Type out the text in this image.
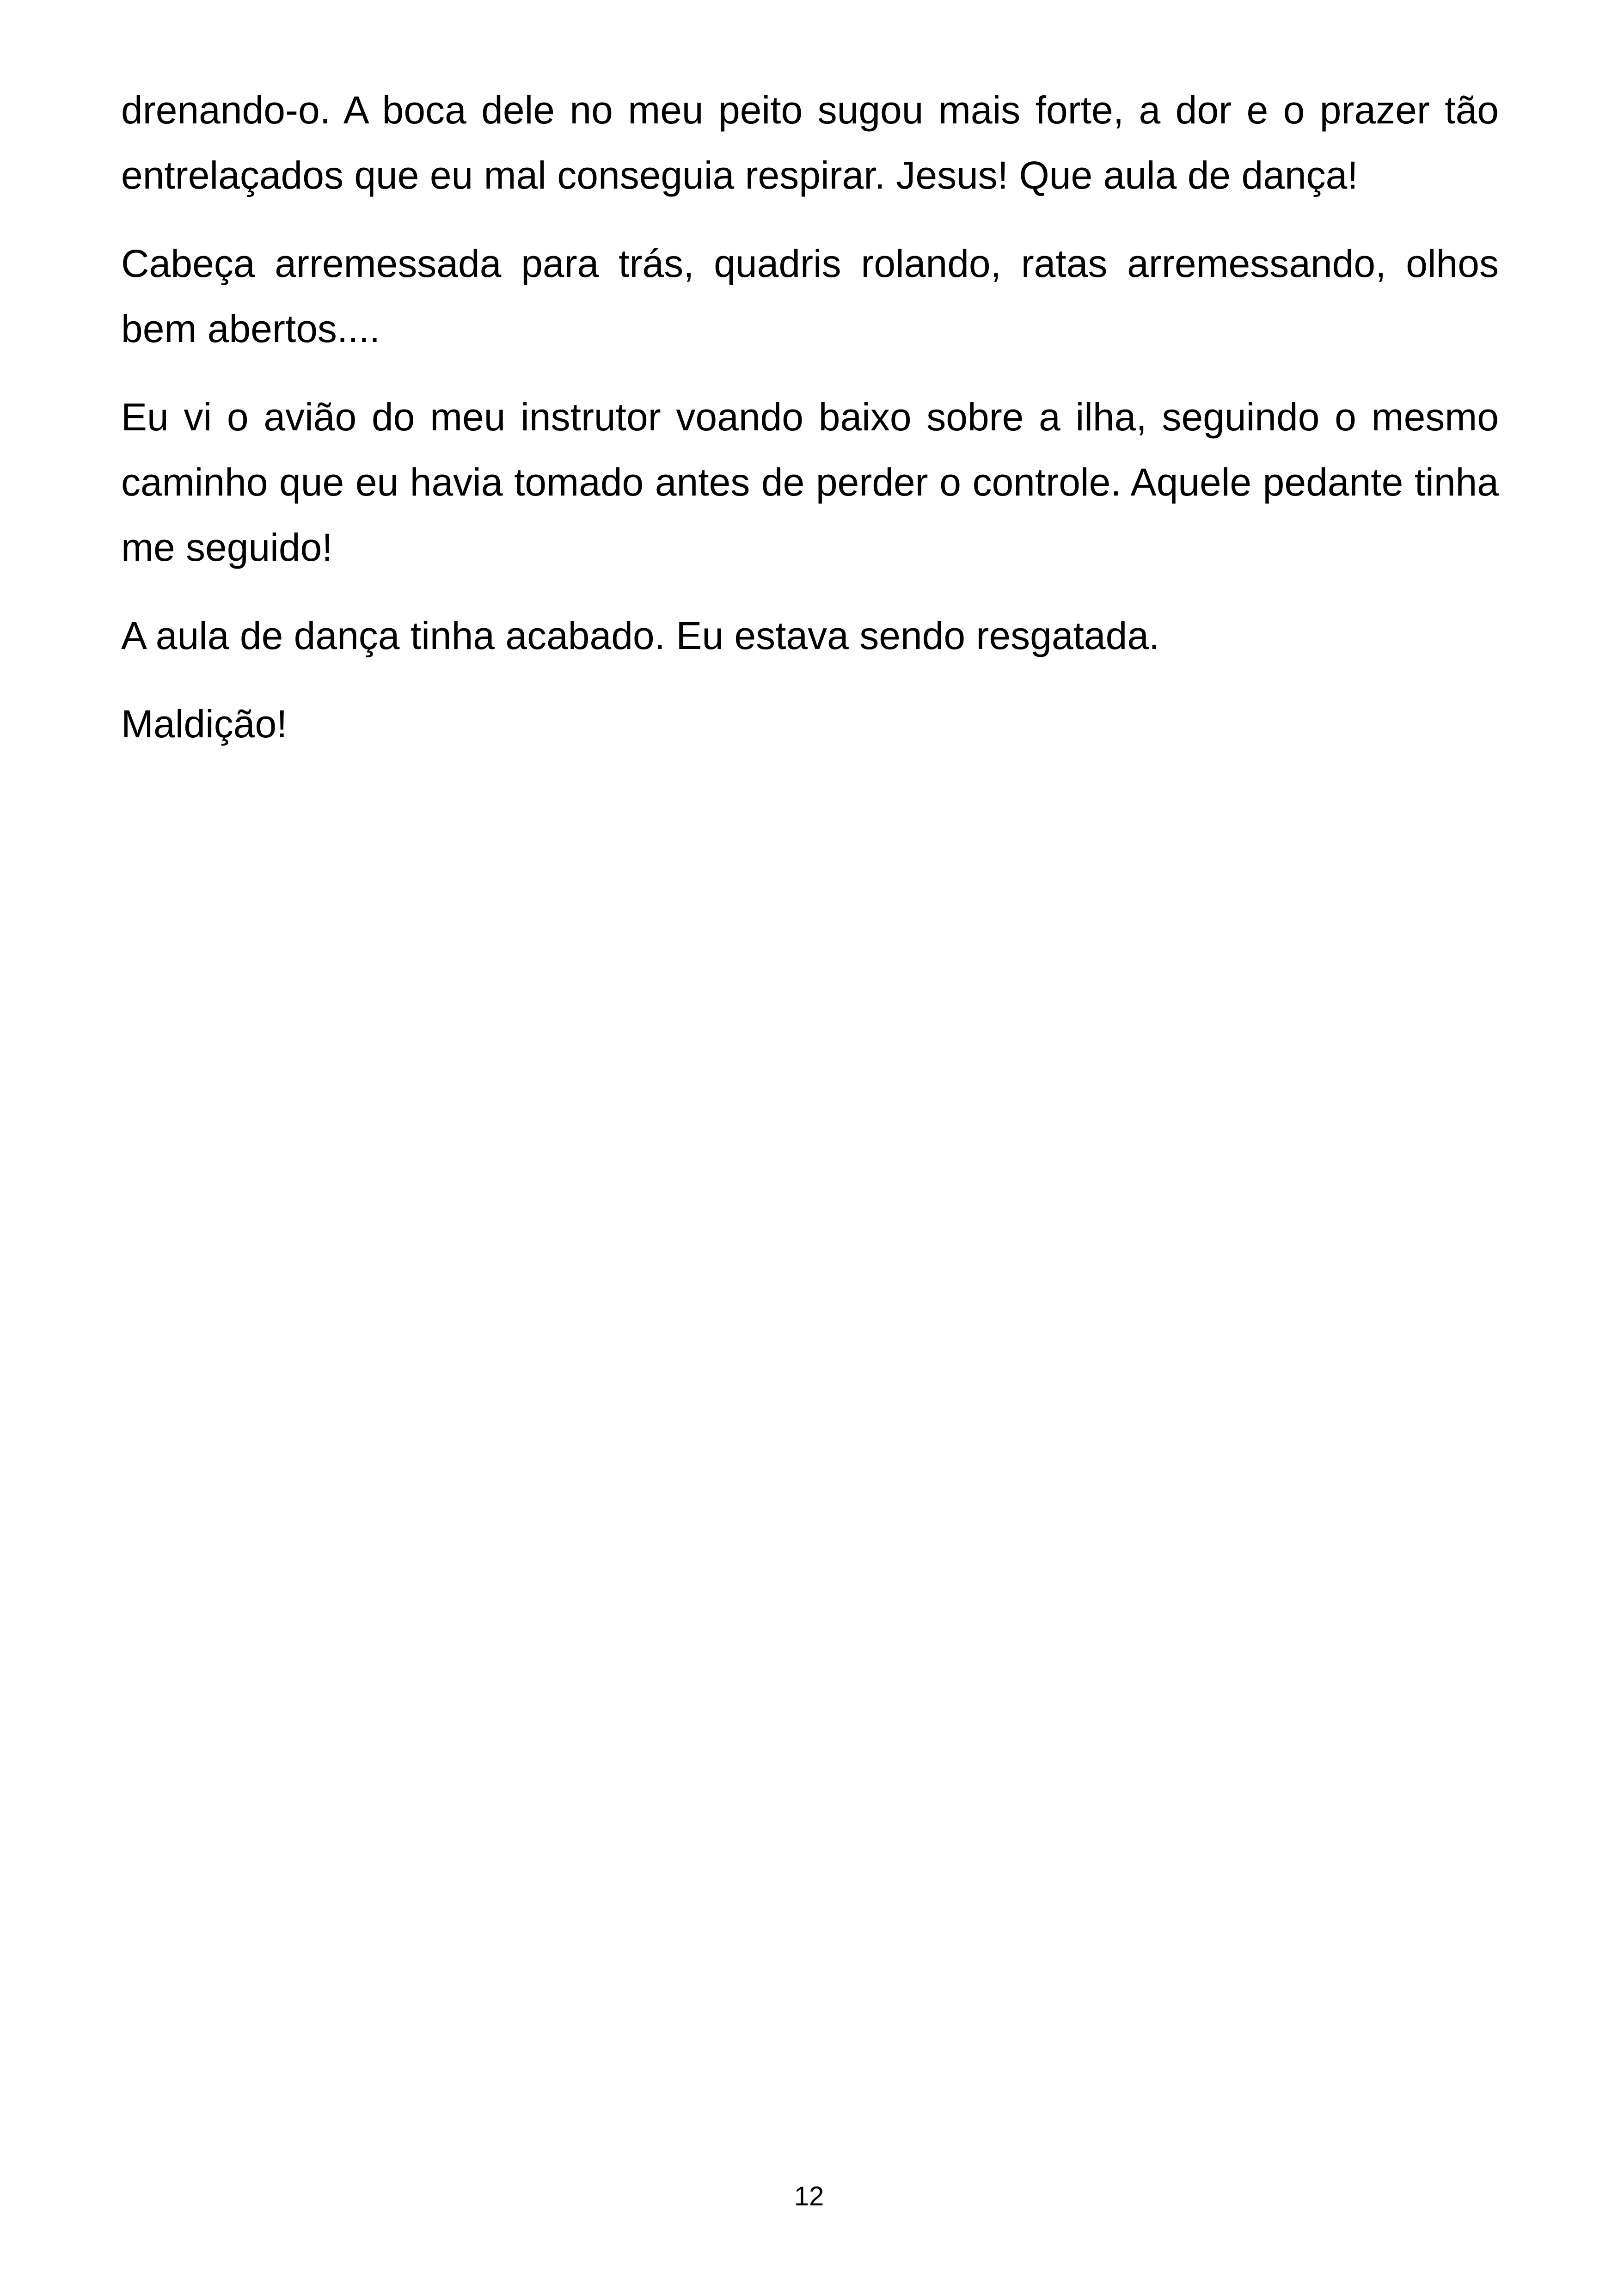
drenando-o. A boca dele no meu peito sugou mais forte, a dor e o prazer tão entrelaçados que eu mal conseguia respirar. Jesus! Que aula de dança!

Cabeça arremessada para trás, quadris rolando, ratas arremessando, olhos bem abertos....

Eu vi o avião do meu instrutor voando baixo sobre a ilha, seguindo o mesmo caminho que eu havia tomado antes de perder o controle. Aquele pedante tinha me seguido!

A aula de dança tinha acabado. Eu estava sendo resgatada.

Maldição!

12
